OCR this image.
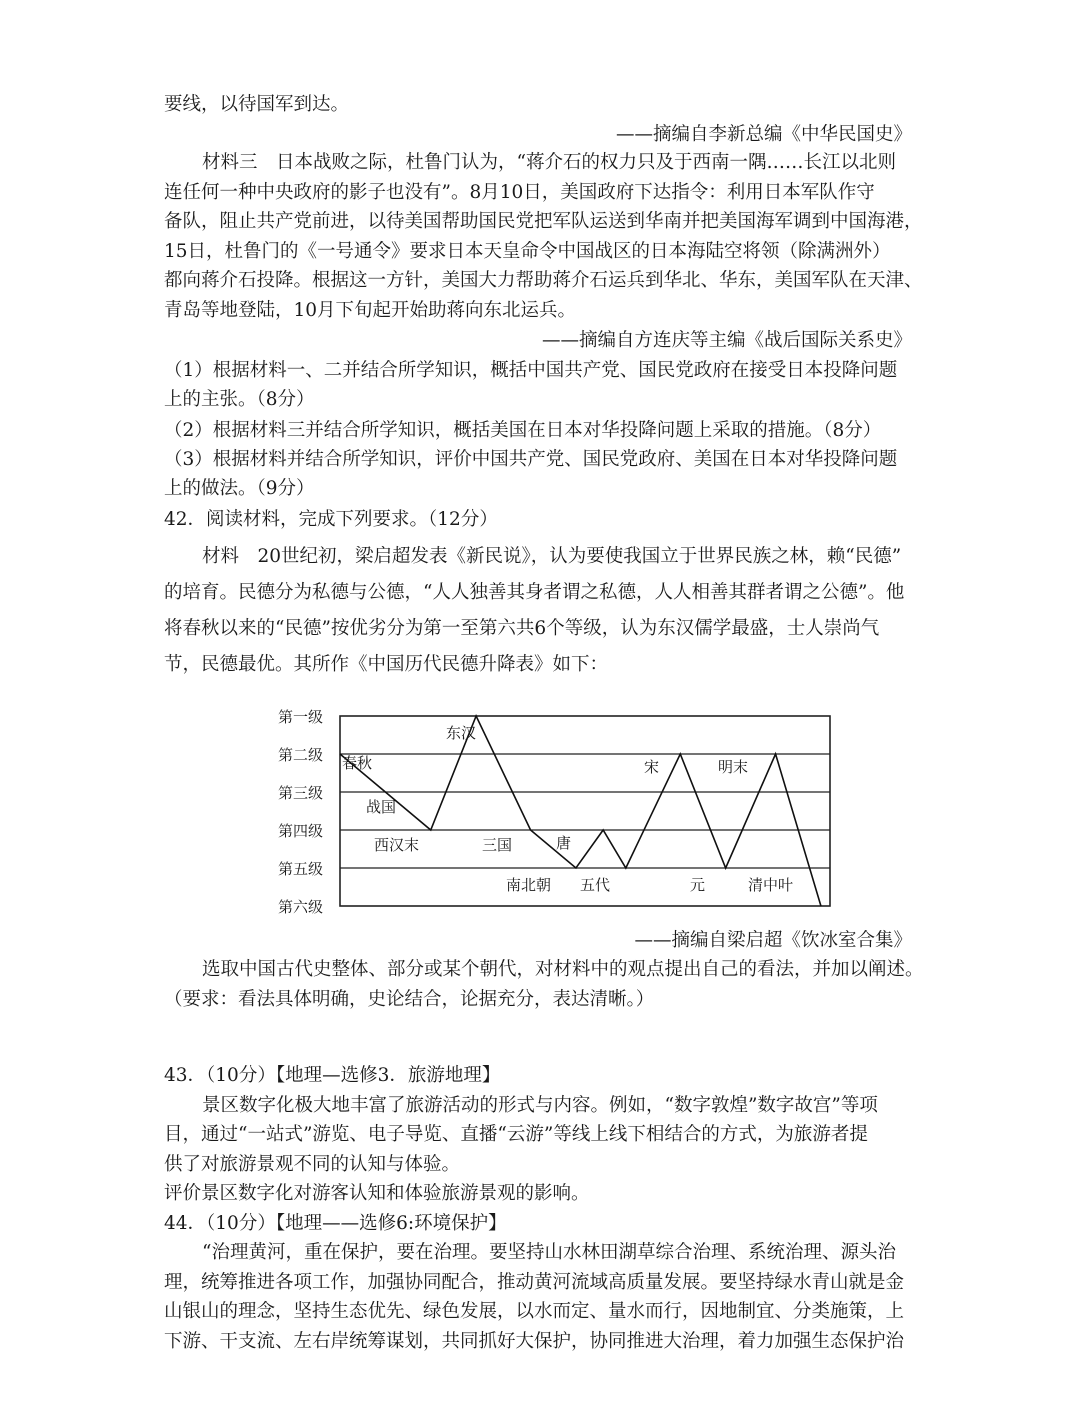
要线，以待国军到达。
——摘编自李新总编《中华民国史》
材料三　日本战败之际，杜鲁门认为，“蒋介石的权力只及于西南一隅……长江以北则
连任何一种中央政府的影子也没有”。8月10日，美国政府下达指令：利用日本军队作守
备队，阻止共产党前进，以待美国帮助国民党把军队运送到华南并把美国海军调到中国海港，
15日，杜鲁门的《一号通令》要求日本天皇命令中国战区的日本海陆空将领（除满洲外）
都向蒋介石投降。根据这一方针，美国大力帮助蒋介石运兵到华北、华东，美国军队在天津、
青岛等地登陆，10月下旬起开始助蒋向东北运兵。
——摘编自方连庆等主编《战后国际关系史》
（1）根据材料一、二并结合所学知识，概括中国共产党、国民党政府在接受日本投降问题
上的主张。（8分）
（2）根据材料三并结合所学知识，概括美国在日本对华投降问题上采取的措施。（8分）
（3）根据材料并结合所学知识，评价中国共产党、国民党政府、美国在日本对华投降问题
上的做法。（9分）
42．阅读材料，完成下列要求。（12分）
材料　20世纪初，梁启超发表《新民说》，认为要使我国立于世界民族之林，赖“民德”
的培育。民德分为私德与公德，“人人独善其身者谓之私德，人人相善其群者谓之公德”。他
将春秋以来的“民德”按优劣分为第一至第六共6个等级，认为东汉儒学最盛，士人崇尚气
节，民德最优。其所作《中国历代民德升降表》如下：
第一级
第二级
第三级
第四级
第五级
第六级
春秋
战国
西汉末
东汉
三国
南北朝
唐
五代
宋
元
明末
清中叶
——摘编自梁启超《饮冰室合集》
选取中国古代史整体、部分或某个朝代，对材料中的观点提出自己的看法，并加以阐述。
（要求：看法具体明确，史论结合，论据充分，表达清晰。）
43．（10分）【地理—选修3．旅游地理】
景区数字化极大地丰富了旅游活动的形式与内容。例如，“数字敦煌”数字故宫”等项
目，通过“一站式”游览、电子导览、直播“云游”等线上线下相结合的方式，为旅游者提
供了对旅游景观不同的认知与体验。
评价景区数字化对游客认知和体验旅游景观的影响。
44．（10分）【地理——选修6:环境保护】
“治理黄河，重在保护，要在治理。要坚持山水林田湖草综合治理、系统治理、源头治
理，统筹推进各项工作，加强协同配合，推动黄河流域高质量发展。要坚持绿水青山就是金
山银山的理念，坚持生态优先、绿色发展，以水而定、量水而行，因地制宜、分类施策，上
下游、干支流、左右岸统筹谋划，共同抓好大保护，协同推进大治理，着力加强生态保护治
